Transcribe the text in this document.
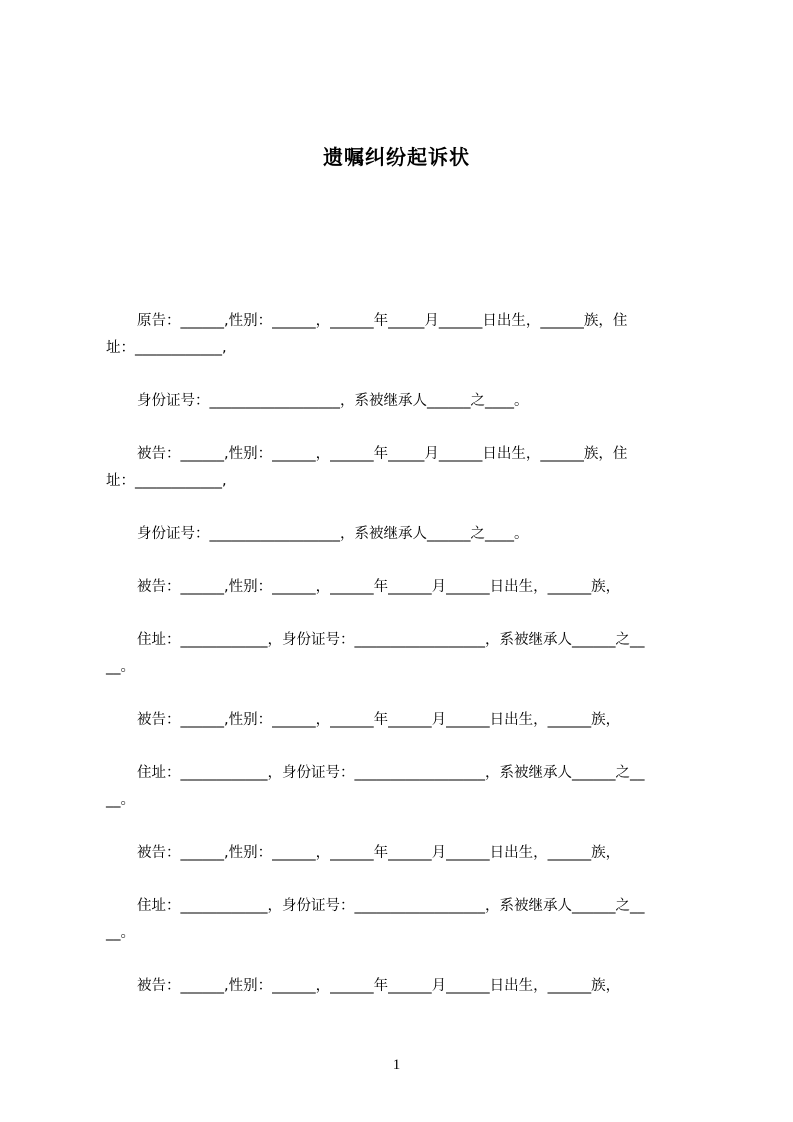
遗嘱纠纷起诉状

原告：______,性别：______，______年_____月______日出生，______族，住

址：____________,

身份证号：__________________，系被继承人______之____。

被告：______,性别：______，______年_____月______日出生，______族，住

址：____________,

身份证号：__________________，系被继承人______之____。

被告：______,性别：______，______年______月______日出生，______族，

住址：____________，身份证号：__________________，系被继承人______之__

__。

被告：______,性别：______，______年______月______日出生，______族，

住址：____________，身份证号：__________________，系被继承人______之__

__。

被告：______,性别：______，______年______月______日出生，______族，

住址：____________，身份证号：__________________，系被继承人______之__

__。

被告：______,性别：______，______年______月______日出生，______族，

1
